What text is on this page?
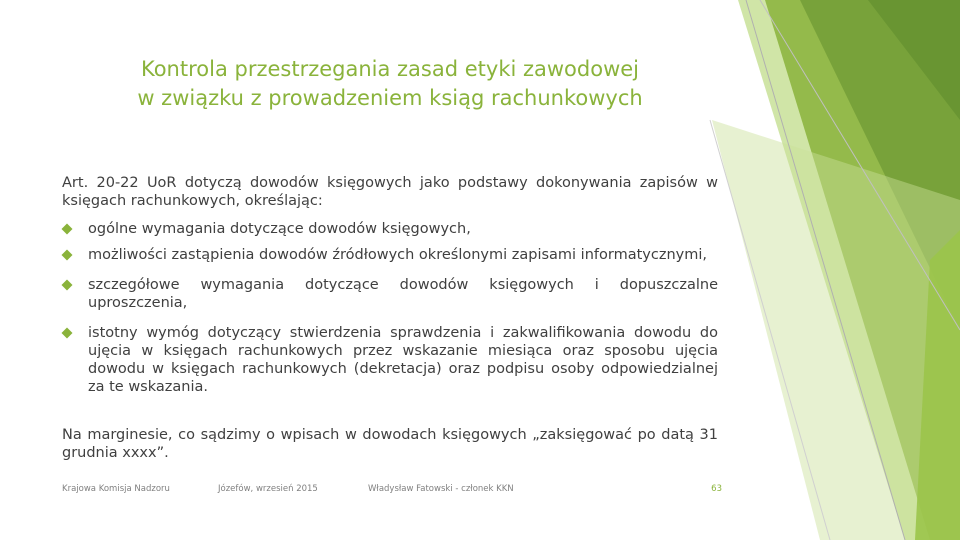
Kontrola przestrzegania zasad etyki zawodowej
w związku z prowadzeniem ksiąg rachunkowych
Art. 20-22 UoR dotyczą dowodów księgowych jako podstawy dokonywania zapisów w księgach rachunkowych, określając:
ogólne wymagania dotyczące dowodów księgowych,
możliwości zastąpienia dowodów źródłowych określonymi zapisami informatycznymi,
szczegółowe wymagania dotyczące dowodów księgowych i dopuszczalne uproszczenia,
istotny wymóg dotyczący stwierdzenia sprawdzenia i zakwalifikowania dowodu do ujęcia w księgach rachunkowych przez wskazanie miesiąca oraz sposobu ujęcia dowodu w księgach rachunkowych (dekretacja) oraz podpisu osoby odpowiedzialnej za te wskazania.
Na marginesie, co sądzimy o wpisach w dowodach księgowych „zaksięgować po datą 31 grudnia xxxx”.
Krajowa Komisja Nadzoru	Józefów, wrzesień 2015	Władysław Fatowski - członek KKN	63
